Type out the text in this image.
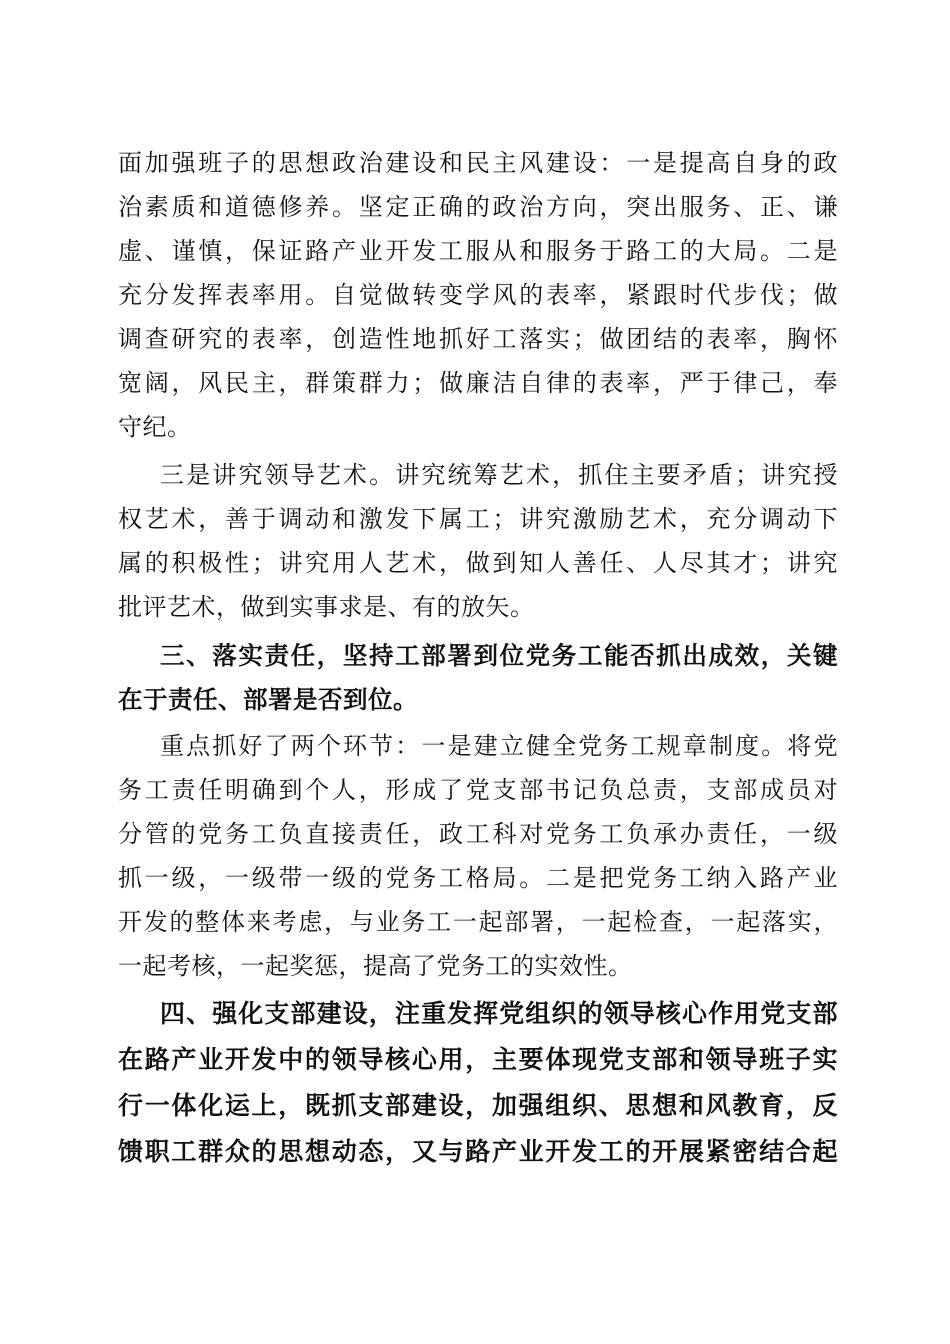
面加强班子的思想政治建设和民主风建设：一是提高自身的政
治素质和道德修养。坚定正确的政治方向，突出服务、正、谦
虚、谨慎，保证路产业开发工服从和服务于路工的大局。二是
充分发挥表率用。自觉做转变学风的表率，紧跟时代步伐；做
调查研究的表率，创造性地抓好工落实；做团结的表率，胸怀
宽阔，风民主，群策群力；做廉洁自律的表率，严于律己，奉
守纪。
三是讲究领导艺术。讲究统筹艺术，抓住主要矛盾；讲究授
权艺术，善于调动和激发下属工；讲究激励艺术，充分调动下
属的积极性；讲究用人艺术，做到知人善任、人尽其才；讲究
批评艺术，做到实事求是、有的放矢。
三、落实责任，坚持工部署到位党务工能否抓出成效，关键
在于责任、部署是否到位。
重点抓好了两个环节：一是建立健全党务工规章制度。将党
务工责任明确到个人，形成了党支部书记负总责，支部成员对
分管的党务工负直接责任，政工科对党务工负承办责任，一级
抓一级，一级带一级的党务工格局。二是把党务工纳入路产业
开发的整体来考虑，与业务工一起部署，一起检查，一起落实，
一起考核，一起奖惩，提高了党务工的实效性。
四、强化支部建设，注重发挥党组织的领导核心作用党支部
在路产业开发中的领导核心用，主要体现党支部和领导班子实
行一体化运上，既抓支部建设，加强组织、思想和风教育，反
馈职工群众的思想动态，又与路产业开发工的开展紧密结合起
